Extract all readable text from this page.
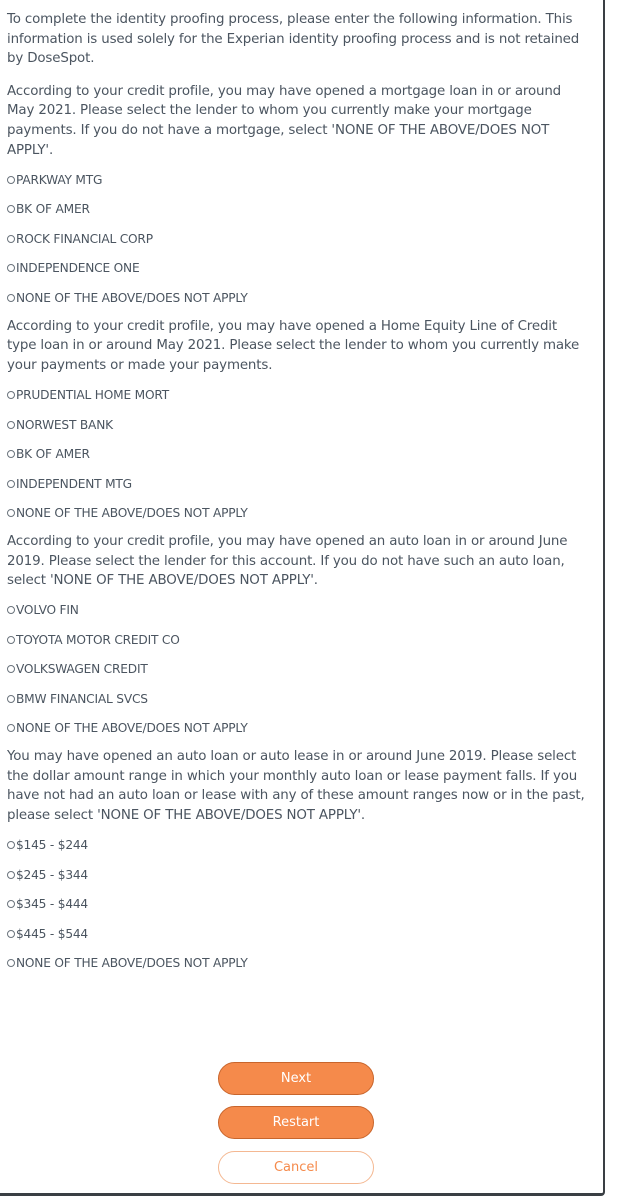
To complete the identity proofing process, please enter the following information. This information is used solely for the Experian identity proofing process and is not retained by DoseSpot.

According to your credit profile, you may have opened a mortgage loan in or around May 2021. Please select the lender to whom you currently make your mortgage payments. If you do not have a mortgage, select 'NONE OF THE ABOVE/DOES NOT APPLY'.

PARKWAY MTG
BK OF AMER
ROCK FINANCIAL CORP
INDEPENDENCE ONE
NONE OF THE ABOVE/DOES NOT APPLY

According to your credit profile, you may have opened a Home Equity Line of Credit type loan in or around May 2021. Please select the lender to whom you currently make your payments or made your payments.

PRUDENTIAL HOME MORT
NORWEST BANK
BK OF AMER
INDEPENDENT MTG
NONE OF THE ABOVE/DOES NOT APPLY

According to your credit profile, you may have opened an auto loan in or around June 2019. Please select the lender for this account. If you do not have such an auto loan, select 'NONE OF THE ABOVE/DOES NOT APPLY'.

VOLVO FIN
TOYOTA MOTOR CREDIT CO
VOLKSWAGEN CREDIT
BMW FINANCIAL SVCS
NONE OF THE ABOVE/DOES NOT APPLY

You may have opened an auto loan or auto lease in or around June 2019. Please select the dollar amount range in which your monthly auto loan or lease payment falls. If you have not had an auto loan or lease with any of these amount ranges now or in the past, please select 'NONE OF THE ABOVE/DOES NOT APPLY'.

$145 - $244
$245 - $344
$345 - $444
$445 - $544
NONE OF THE ABOVE/DOES NOT APPLY
Next
Restart
Cancel
